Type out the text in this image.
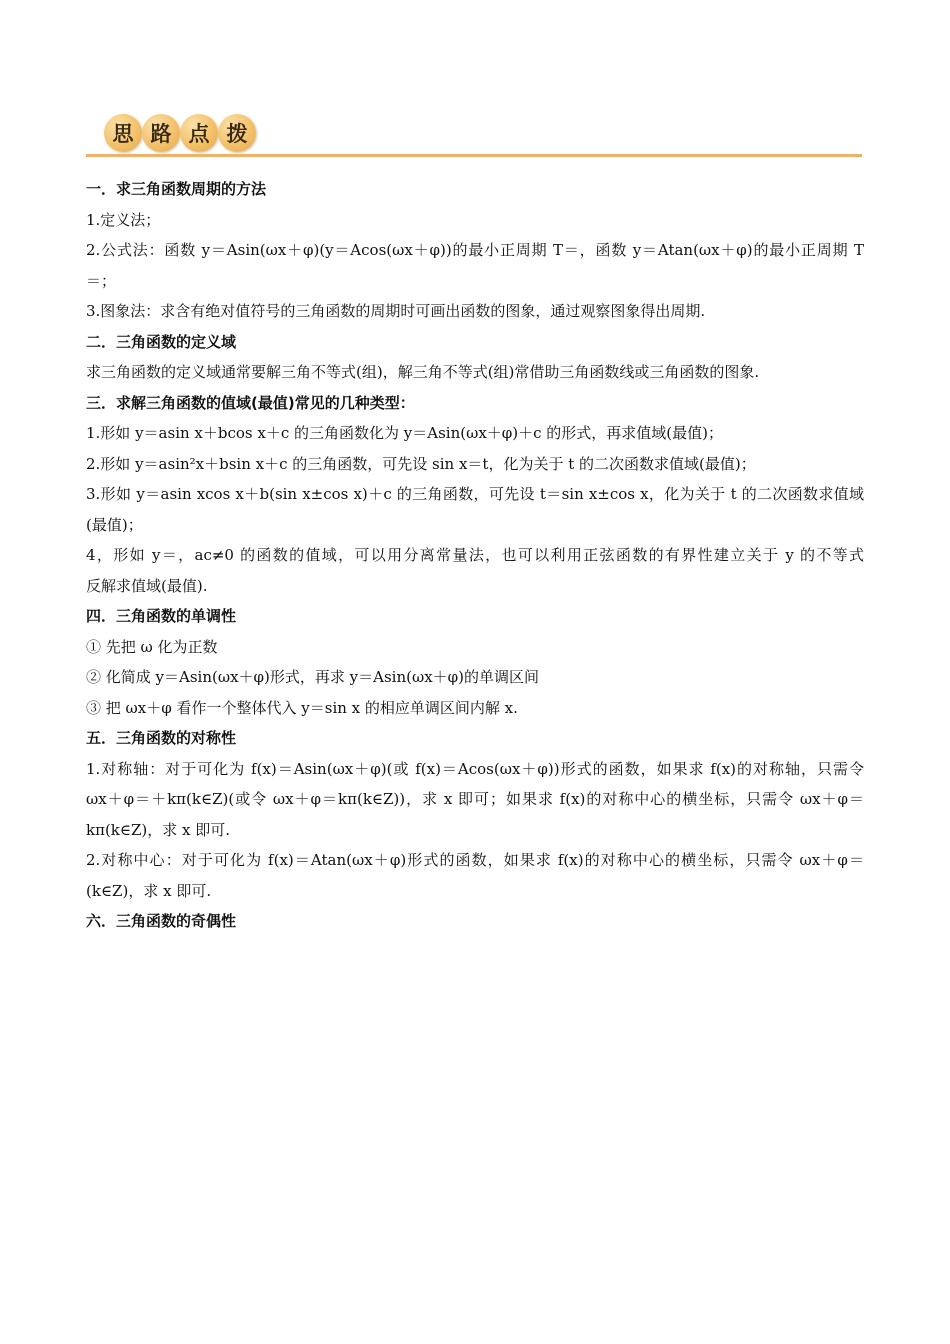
思 路 点 拨
一．求三角函数周期的方法
1.定义法；
2.公式法：函数 y＝Asin(ωx＋φ)(y＝Acos(ωx＋φ))的最小正周期 T＝，函数 y＝Atan(ωx＋φ)的最小正周期 T
＝；
3.图象法：求含有绝对值符号的三角函数的周期时可画出函数的图象，通过观察图象得出周期.
二．三角函数的定义域
求三角函数的定义域通常要解三角不等式(组)，解三角不等式(组)常借助三角函数线或三角函数的图象.
三．求解三角函数的值域(最值)常见的几种类型：
1.形如 y＝asin x＋bcos x＋c 的三角函数化为 y＝Asin(ωx＋φ)＋c 的形式，再求值域(最值)；
2.形如 y＝asin²x＋bsin x＋c 的三角函数，可先设 sin x＝t，化为关于 t 的二次函数求值域(最值)；
3.形如 y＝asin xcos x＋b(sin x±cos x)＋c 的三角函数，可先设 t＝sin x±cos x，化为关于 t 的二次函数求值域
(最值)；
4，形如 y＝，ac≠0 的函数的值域，可以用分离常量法，也可以利用正弦函数的有界性建立关于 y 的不等式
反解求值域(最值).
四．三角函数的单调性
① 先把 ω 化为正数
② 化简成 y＝Asin(ωx＋φ)形式，再求 y＝Asin(ωx＋φ)的单调区间
③ 把 ωx＋φ 看作一个整体代入 y＝sin x 的相应单调区间内解 x.
五．三角函数的对称性
1.对称轴：对于可化为 f(x)＝Asin(ωx＋φ)(或 f(x)＝Acos(ωx＋φ))形式的函数，如果求 f(x)的对称轴，只需令
ωx＋φ＝＋kπ(k∈Z)(或令 ωx＋φ＝kπ(k∈Z))，求 x 即可；如果求 f(x)的对称中心的横坐标，只需令 ωx＋φ＝
kπ(k∈Z)，求 x 即可.
2.对称中心：对于可化为 f(x)＝Atan(ωx＋φ)形式的函数，如果求 f(x)的对称中心的横坐标，只需令 ωx＋φ＝
(k∈Z)，求 x 即可.
六．三角函数的奇偶性
